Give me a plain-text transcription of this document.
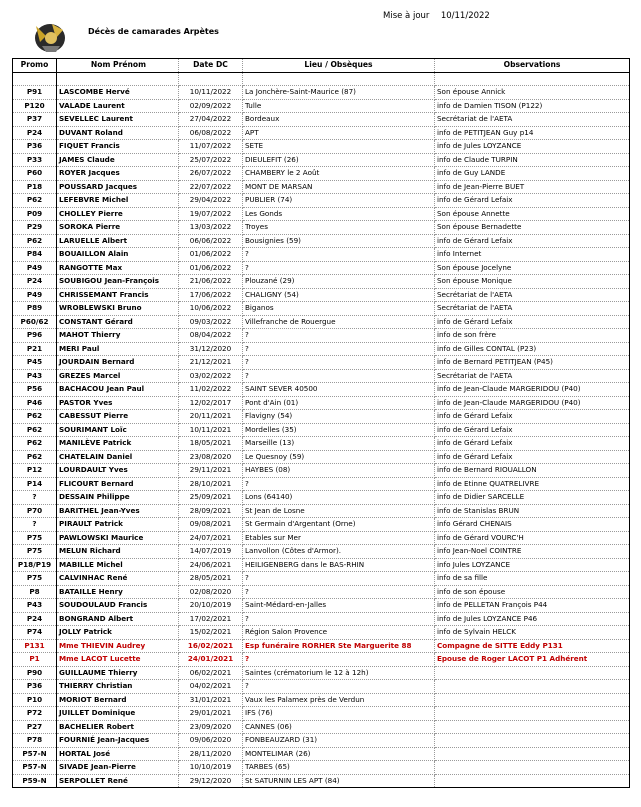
Décès de camarades Arpètes
Mise à jour 10/11/2022
Promo	Nom Prénom	Date DC	Lieu / Obsèques	Observations

P91	LASCOMBE Hervé	10/11/2022	La Jonchère-Saint-Maurice (87)	Son épouse Annick
P120	VALADE Laurent	02/09/2022	Tulle	info de Damien TISON (P122)
P37	SEVELLEC Laurent	27/04/2022	Bordeaux	Secrétariat de l'AETA
P24	DUVANT Roland	06/08/2022	APT	info de PETITJEAN Guy p14
P36	FIQUET Francis	11/07/2022	SETE	info de Jules LOYZANCE
P33	JAMES Claude	25/07/2022	DIEULEFIT (26)	info de Claude TURPIN
P60	ROYER Jacques	26/07/2022	CHAMBERY le 2 Août	info de Guy LANDE
P18	POUSSARD Jacques	22/07/2022	MONT DE MARSAN	info de Jean-Pierre BUET
P62	LEFEBVRE Michel	29/04/2022	PUBLIER (74)	info de Gérard Lefaix
P09	CHOLLEY Pierre	19/07/2022	Les Gonds	Son épouse Annette
P29	SOROKA Pierre	13/03/2022	Troyes	Son épouse Bernadette
P62	LARUELLE Albert	06/06/2022	Bousignies (59)	info de Gérard Lefaix
P84	BOUAILLON Alain	01/06/2022	?	info Internet
P49	RANGOTTE Max	01/06/2022	?	Son épouse Jocelyne
P24	SOUBIGOU Jean-François	21/06/2022	Plouzané (29)	Son épouse Monique
P49	CHRISSEMANT Francis	17/06/2022	CHALIGNY (54)	Secrétariat de l'AETA
P89	WROBLEWSKI Bruno	10/06/2022	Biganos	Secrétariat de l'AETA
P60/62	CONSTANT Gérard	09/03/2022	Villefranche de Rouergue	info de Gérard Lefaix
P96	MAHOT Thierry	08/04/2022	?	info de son frère
P21	MERI Paul	31/12/2020	?	info de Gilles CONTAL (P23)
P45	JOURDAIN Bernard	21/12/2021	?	info de Bernard PETITJEAN (P45)
P43	GREZES Marcel	03/02/2022	?	Secrétariat de l'AETA
P56	BACHACOU Jean Paul	11/02/2022	SAINT SEVER 40500	info de Jean-Claude MARGERIDOU (P40)
P46	PASTOR Yves	12/02/2017	Pont d'Ain (01)	info de Jean-Claude MARGERIDOU (P40)
P62	CABESSUT Pierre	20/11/2021	Flavigny (54)	info de Gérard Lefaix
P62	SOURIMANT Loïc	10/11/2021	Mordelles (35)	info de Gérard Lefaix
P62	MANILÈVE Patrick	18/05/2021	Marseille (13)	info de Gérard Lefaix
P62	CHATELAIN Daniel	23/08/2020	Le Quesnoy (59)	info de Gérard Lefaix
P12	LOURDAULT Yves	29/11/2021	HAYBES (08)	info de Bernard RIOUALLON
P14	FLICOURT Bernard	28/10/2021	?	info de Etinne QUATRELIVRE
?	DESSAIN Philippe	25/09/2021	Lons (64140)	info de Didier SARCELLE
P70	BARITHEL Jean-Yves	28/09/2021	St Jean de Losne	info de Stanislas BRUN
?	PIRAULT Patrick	09/08/2021	St Germain d'Argentant (Orne)	info Gérard CHENAIS
P75	PAWLOWSKI Maurice	24/07/2021	Etables sur Mer	info de Gérard VOURC'H
P75	MELUN Richard	14/07/2019	Lanvollon (Côtes d'Armor).	info Jean-Noel COINTRE
P18/P19	MABILLE Michel	24/06/2021	HEILIGENBERG dans le BAS-RHIN	info Jules LOYZANCE
P75	CALVINHAC René	28/05/2021	?	info de sa fille
P8	BATAILLE Henry	02/08/2020	?	info de son épouse
P43	SOUDOULAUD Francis	20/10/2019	Saint-Médard-en-Jalles	info de PELLETAN François P44
P24	BONGRAND Albert	17/02/2021	?	info de Jules LOYZANCE P46
P74	JOLLY Patrick	15/02/2021	Région Salon Provence	info de Sylvain HELCK
P131	Mme THIEVIN Audrey	16/02/2021	Esp funéraire RORHER Ste Marguerite 88	Compagne de SITTE Eddy P131
P1	Mme LACOT Lucette	24/01/2021	?	Epouse de Roger LACOT P1 Adhérent
P90	GUILLAUME Thierry	06/02/2021	Saintes (crématorium le 12 à 12h)	
P36	THIERRY Christian	04/02/2021	?	
P10	MORIOT Bernard	31/01/2021	Vaux les Palamex près de Verdun	
P72	JUILLET Dominique	29/01/2021	IFS (76)	
P27	BACHELIER Robert	23/09/2020	CANNES (06)	
P78	FOURNIÉ Jean-Jacques	09/06/2020	FONBEAUZARD (31)	
P57-N	HORTAL José	28/11/2020	MONTELIMAR (26)	
P57-N	SIVADE Jean-Pierre	10/10/2019	TARBES (65)	
P59-N	SERPOLLET René	29/12/2020	St SATURNIN LES APT (84)	
